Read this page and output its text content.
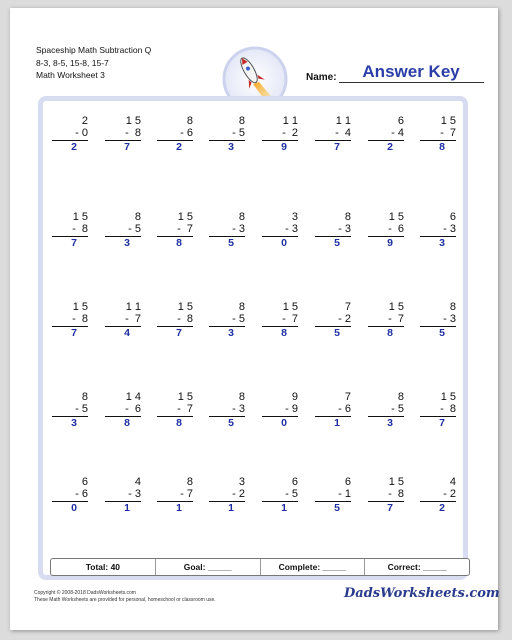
Spaceship Math Subtraction Q
8-3, 8-5, 15-8, 15-7
Math Worksheet 3	Name:	Answer Key
2
- 0
2
1 5
-  8
7
8
- 6
2
8
- 5
3
1 1
-  2
9
1 1
-  4
7
6
- 4
2
1 5
-  7
8
1 5
-  8
7
8
- 5
3
1 5
-  7
8
8
- 3
5
3
- 3
0
8
- 3
5
1 5
-  6
9
6
- 3
3
1 5
-  8
7
1 1
-  7
4
1 5
-  8
7
8
- 5
3
1 5
-  7
8
7
- 2
5
1 5
-  7
8
8
- 3
5
8
- 5
3
1 4
-  6
8
1 5
-  7
8
8
- 3
5
9
- 9
0
7
- 6
1
8
- 5
3
1 5
-  8
7
6
- 6
0
4
- 3
1
8
- 7
1
3
- 2
1
6
- 5
1
6
- 1
5
1 5
-  8
7
4
- 2
2
Total: 40	Goal: _____	Complete: _____	Correct: _____
Copyright © 2008-2018 DadsWorksheets.com
These Math Worksheets are provided for personal, homeschool or classroom use.	DadsWorksheets.com
